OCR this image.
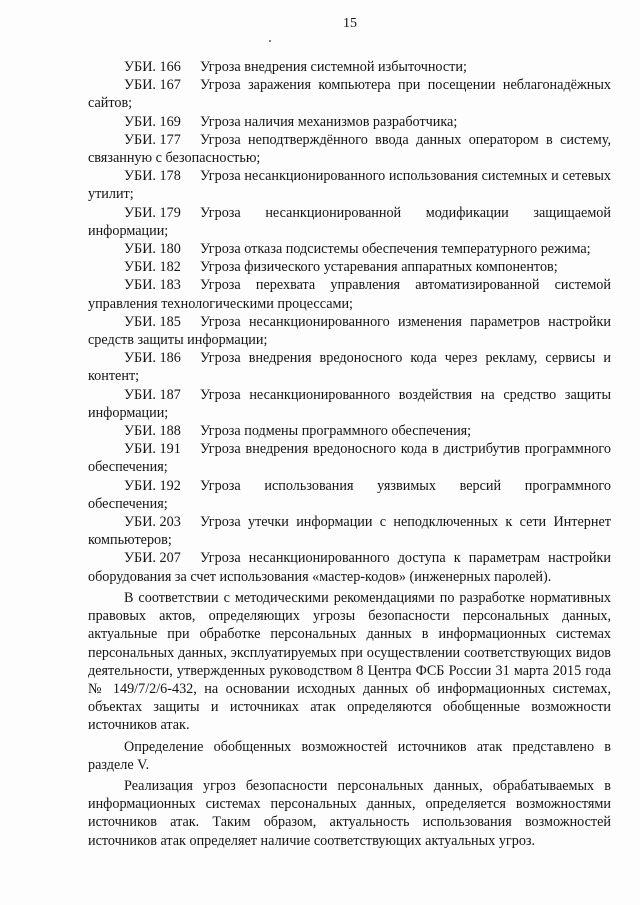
15

УБИ. 166 Угроза внедрения системной избыточности;

УБИ. 167 Угроза заражения компьютера при посещении неблагонадёжных сайтов;

УБИ. 169 Угроза наличия механизмов разработчика;

УБИ. 177 Угроза неподтверждённого ввода данных оператором в систему, связанную с безопасностью;

УБИ. 178 Угроза несанкционированного использования системных и сетевых утилит;

УБИ. 179 Угроза несанкционированной модификации защищаемой информации;

УБИ. 180 Угроза отказа подсистемы обеспечения температурного режима;

УБИ. 182 Угроза физического устаревания аппаратных компонентов;

УБИ. 183 Угроза перехвата управления автоматизированной системой управления технологическими процессами;

УБИ. 185 Угроза несанкционированного изменения параметров настройки средств защиты информации;

УБИ. 186 Угроза внедрения вредоносного кода через рекламу, сервисы и контент;

УБИ. 187 Угроза несанкционированного воздействия на средство защиты информации;

УБИ. 188 Угроза подмены программного обеспечения;

УБИ. 191 Угроза внедрения вредоносного кода в дистрибутив программного обеспечения;

УБИ. 192 Угроза использования уязвимых версий программного обеспечения;

УБИ. 203 Угроза утечки информации с неподключенных к сети Интернет компьютеров;

УБИ. 207 Угроза несанкционированного доступа к параметрам настройки оборудования за счет использования «мастер-кодов» (инженерных паролей).

В соответствии с методическими рекомендациями по разработке нормативных правовых актов, определяющих угрозы безопасности персональных данных, актуальные при обработке персональных данных в информационных системах персональных данных, эксплуатируемых при осуществлении соответствующих видов деятельности, утвержденных руководством 8 Центра ФСБ России 31 марта 2015 года № 149/7/2/6-432, на основании исходных данных об информационных системах, объектах защиты и источниках атак определяются обобщенные возможности источников атак.

Определение обобщенных возможностей источников атак представлено в разделе V.

Реализация угроз безопасности персональных данных, обрабатываемых в информационных системах персональных данных, определяется возможностями источников атак. Таким образом, актуальность использования возможностей источников атак определяет наличие соответствующих актуальных угроз.
